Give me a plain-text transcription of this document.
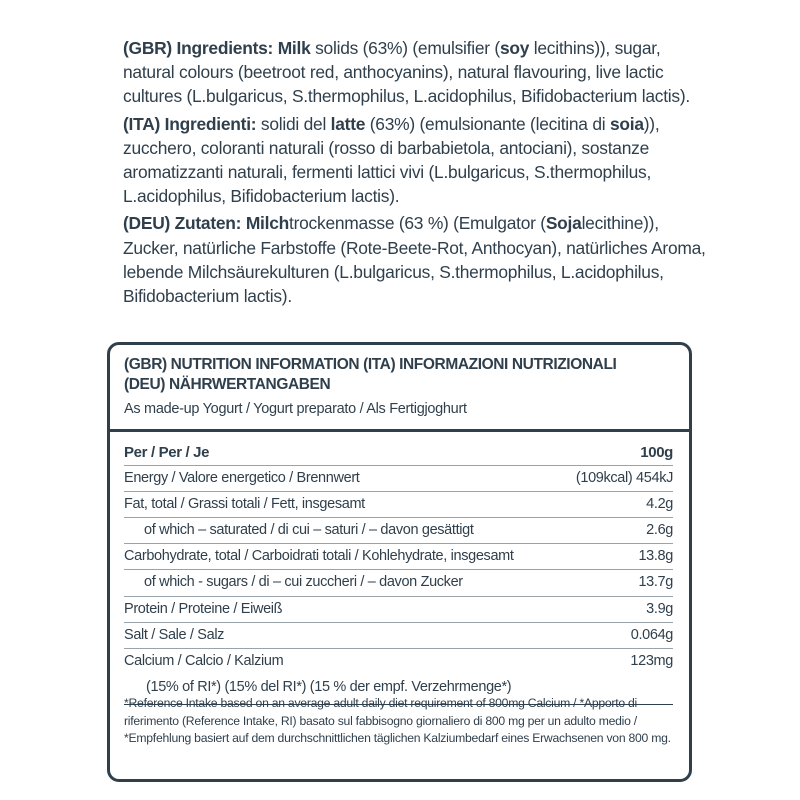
(GBR) Ingredients: Milk solids (63%) (emulsifier (soy lecithins)), sugar, natural colours (beetroot red, anthocyanins), natural flavouring, live lactic cultures (L.bulgaricus, S.thermophilus, L.acidophilus, Bifidobacterium lactis).

(ITA) Ingredienti: solidi del latte (63%) (emulsionante (lecitina di soia)), zucchero, coloranti naturali (rosso di barbabietola, antociani), sostanze aromatizzanti naturali, fermenti lattici vivi (L.bulgaricus, S.thermophilus, L.acidophilus, Bifidobacterium lactis).

(DEU) Zutaten: Milchtrockenmasse (63 %) (Emulgator (Sojalecithine)), Zucker, natürliche Farbstoffe (Rote-Beete-Rot, Anthocyan), natürliches Aroma, lebende Milchsäurekulturen (L.bulgaricus, S.thermophilus, L.acidophilus, Bifidobacterium lactis).

(GBR) NUTRITION INFORMATION (ITA) INFORMAZIONI NUTRIZIONALI
(DEU) NÄHRWERTANGABEN
As made-up Yogurt / Yogurt preparato / Als Fertigjoghurt
Per / Per / Je	100g
Energy / Valore energetico / Brennwert	(109kcal) 454kJ
Fat, total / Grassi totali / Fett, insgesamt	4.2g
of which – saturated / di cui – saturi / – davon gesättigt	2.6g
Carbohydrate, total / Carboidrati totali / Kohlehydrate, insgesamt	13.8g
of which - sugars / di – cui zuccheri / – davon Zucker	13.7g
Protein / Proteine / Eiweiß	3.9g
Salt / Sale / Salz	0.064g
Calcium / Calcio / Kalzium	123mg
(15% of RI*) (15% del RI*) (15 % der empf. Verzehrmenge*)
*Reference Intake based on an average adult daily diet requirement of 800mg Calcium / *Apporto di riferimento (Reference Intake, RI) basato sul fabbisogno giornaliero di 800 mg per un adulto medio / *Empfehlung basiert auf dem durchschnittlichen täglichen Kalziumbedarf eines Erwachsenen von 800 mg.
